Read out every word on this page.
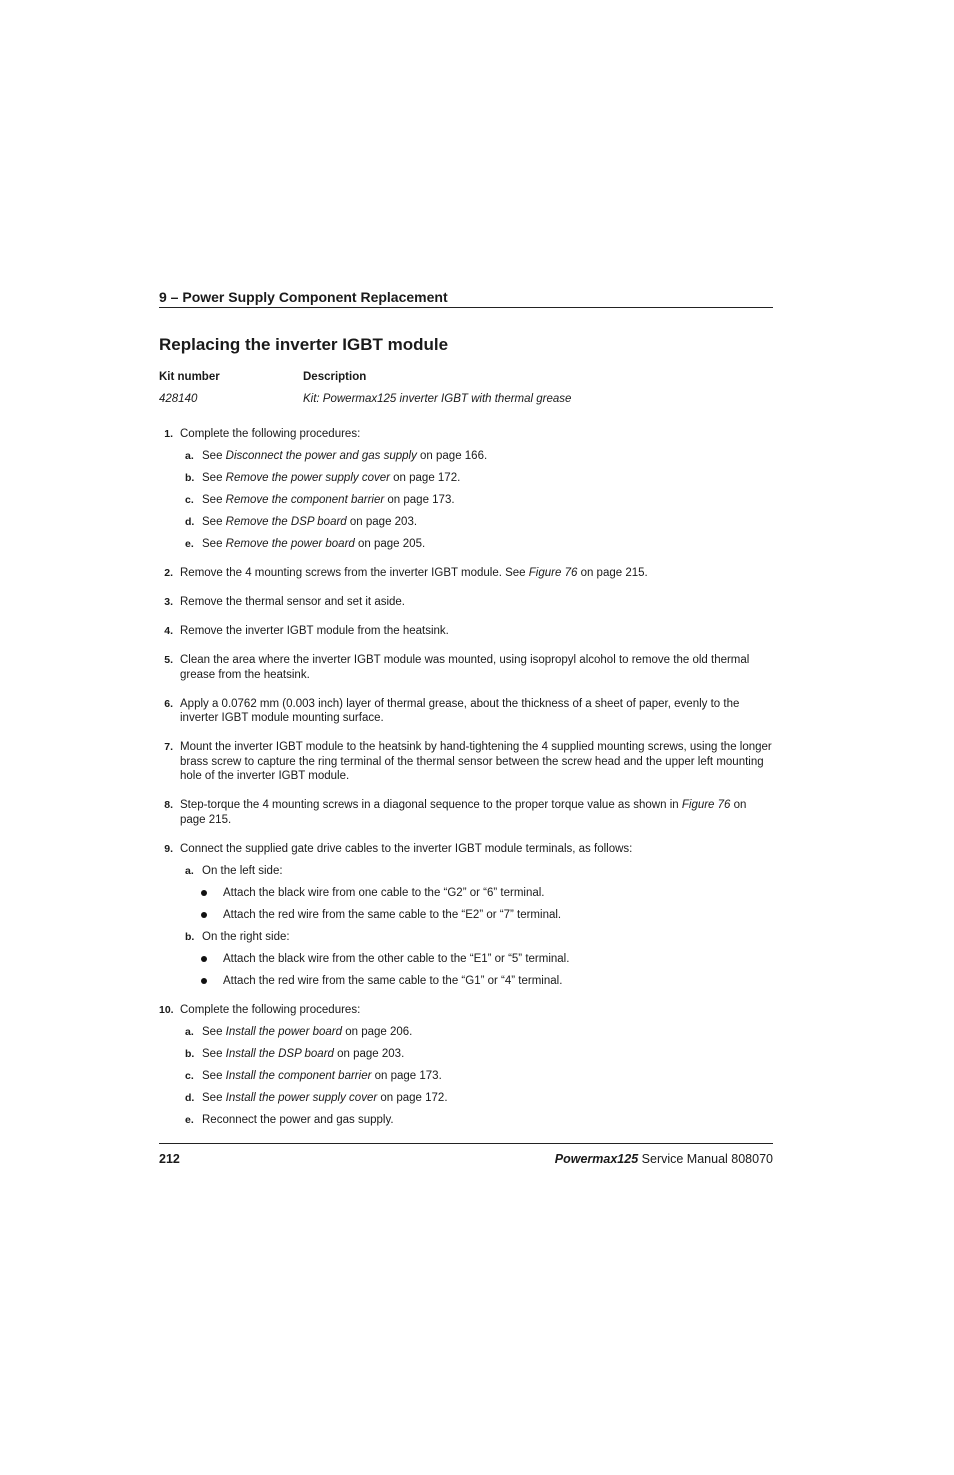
9 – Power Supply Component Replacement
Replacing the inverter IGBT module
Kit number	Description
428140	Kit: Powermax125 inverter IGBT with thermal grease
1. Complete the following procedures:
a. See Disconnect the power and gas supply on page 166.
b. See Remove the power supply cover on page 172.
c. See Remove the component barrier on page 173.
d. See Remove the DSP board on page 203.
e. See Remove the power board on page 205.
2. Remove the 4 mounting screws from the inverter IGBT module. See Figure 76 on page 215.
3. Remove the thermal sensor and set it aside.
4. Remove the inverter IGBT module from the heatsink.
5. Clean the area where the inverter IGBT module was mounted, using isopropyl alcohol to remove the old thermal grease from the heatsink.
6. Apply a 0.0762 mm (0.003 inch) layer of thermal grease, about the thickness of a sheet of paper, evenly to the inverter IGBT module mounting surface.
7. Mount the inverter IGBT module to the heatsink by hand-tightening the 4 supplied mounting screws, using the longer brass screw to capture the ring terminal of the thermal sensor between the screw head and the upper left mounting hole of the inverter IGBT module.
8. Step-torque the 4 mounting screws in a diagonal sequence to the proper torque value as shown in Figure 76 on page 215.
9. Connect the supplied gate drive cables to the inverter IGBT module terminals, as follows:
a. On the left side:
Attach the black wire from one cable to the “G2” or “6” terminal.
Attach the red wire from the same cable to the “E2” or “7” terminal.
b. On the right side:
Attach the black wire from the other cable to the “E1” or “5” terminal.
Attach the red wire from the same cable to the “G1” or “4” terminal.
10. Complete the following procedures:
a. See Install the power board on page 206.
b. See Install the DSP board on page 203.
c. See Install the component barrier on page 173.
d. See Install the power supply cover on page 172.
e. Reconnect the power and gas supply.
212	Powermax125 Service Manual 808070
